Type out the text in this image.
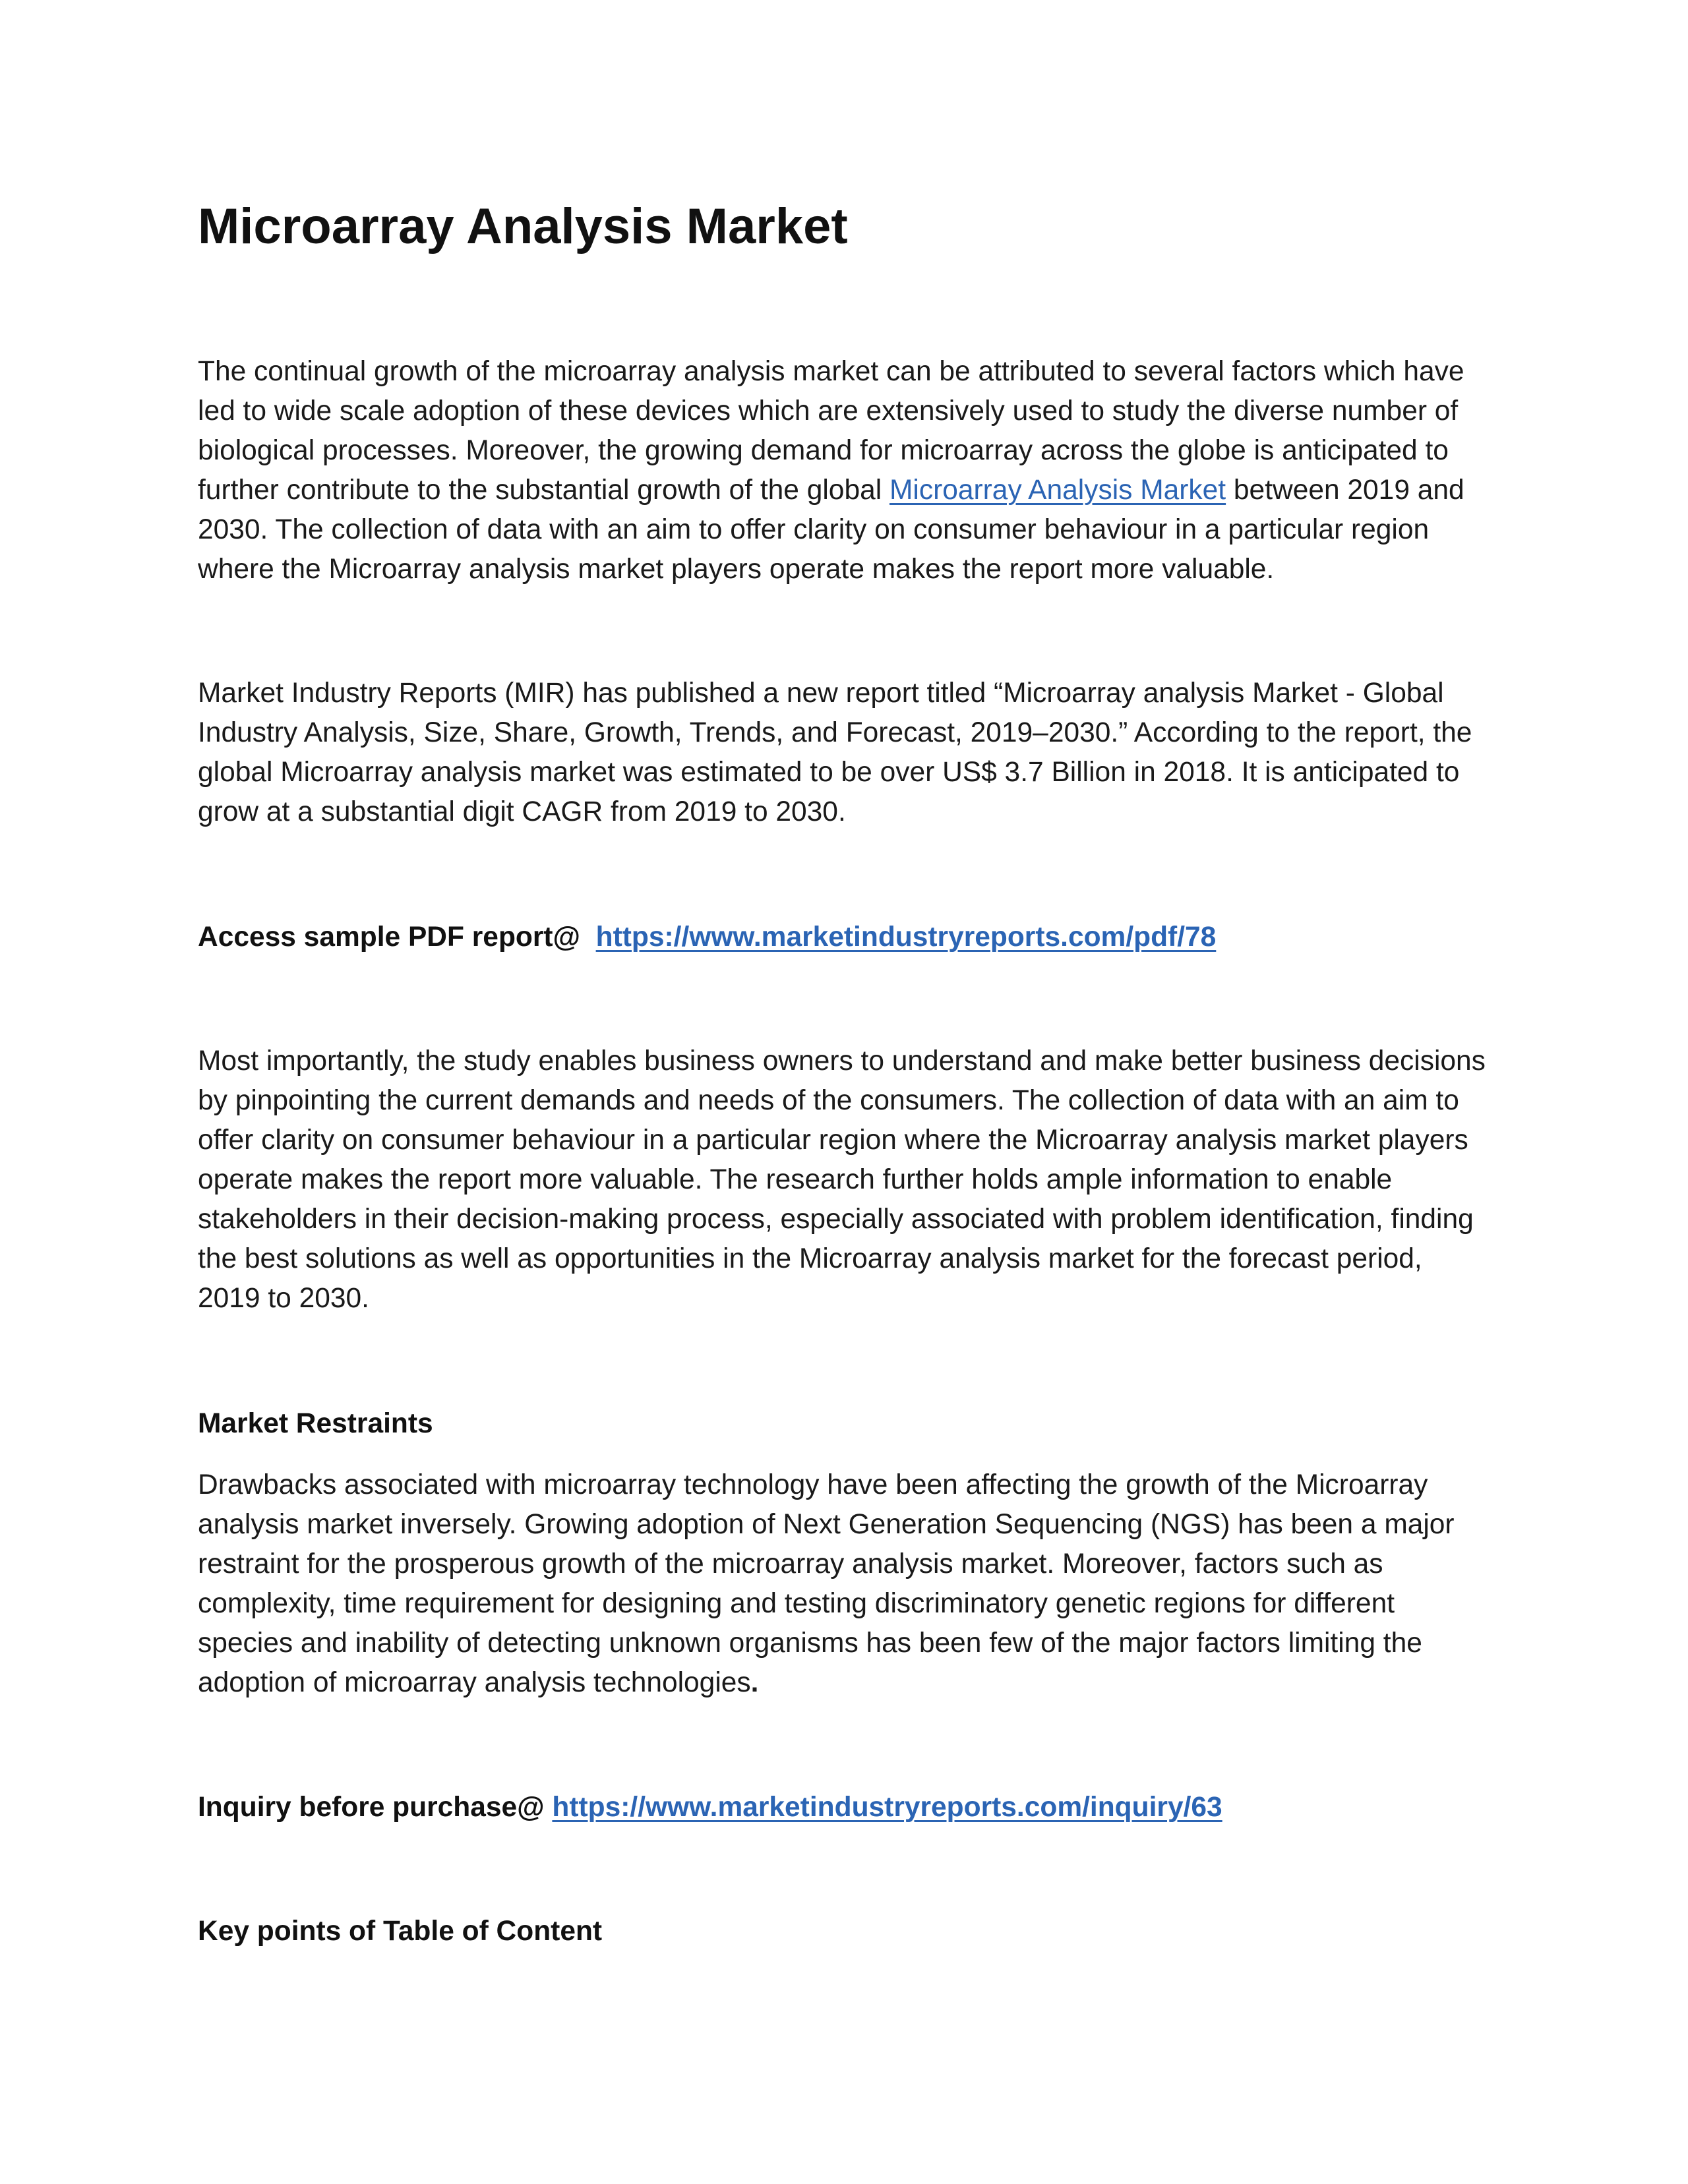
Microarray Analysis Market

The continual growth of the microarray analysis market can be attributed to several factors which have led to wide scale adoption of these devices which are extensively used to study the diverse number of biological processes. Moreover, the growing demand for microarray across the globe is anticipated to further contribute to the substantial growth of the global Microarray Analysis Market between 2019 and 2030. The collection of data with an aim to offer clarity on consumer behaviour in a particular region where the Microarray analysis market players operate makes the report more valuable.

Market Industry Reports (MIR) has published a new report titled “Microarray analysis Market - Global Industry Analysis, Size, Share, Growth, Trends, and Forecast, 2019–2030.” According to the report, the global Microarray analysis market was estimated to be over US$ 3.7 Billion in 2018. It is anticipated to grow at a substantial digit CAGR from 2019 to 2030.

Access sample PDF report@ https://www.marketindustryreports.com/pdf/78

Most importantly, the study enables business owners to understand and make better business decisions by pinpointing the current demands and needs of the consumers. The collection of data with an aim to offer clarity on consumer behaviour in a particular region where the Microarray analysis market players operate makes the report more valuable. The research further holds ample information to enable stakeholders in their decision-making process, especially associated with problem identification, finding the best solutions as well as opportunities in the Microarray analysis market for the forecast period, 2019 to 2030.

Market Restraints

Drawbacks associated with microarray technology have been affecting the growth of the Microarray analysis market inversely. Growing adoption of Next Generation Sequencing (NGS) has been a major restraint for the prosperous growth of the microarray analysis market. Moreover, factors such as complexity, time requirement for designing and testing discriminatory genetic regions for different species and inability of detecting unknown organisms has been few of the major factors limiting the adoption of microarray analysis technologies.

Inquiry before purchase@ https://www.marketindustryreports.com/inquiry/63

Key points of Table of Content
